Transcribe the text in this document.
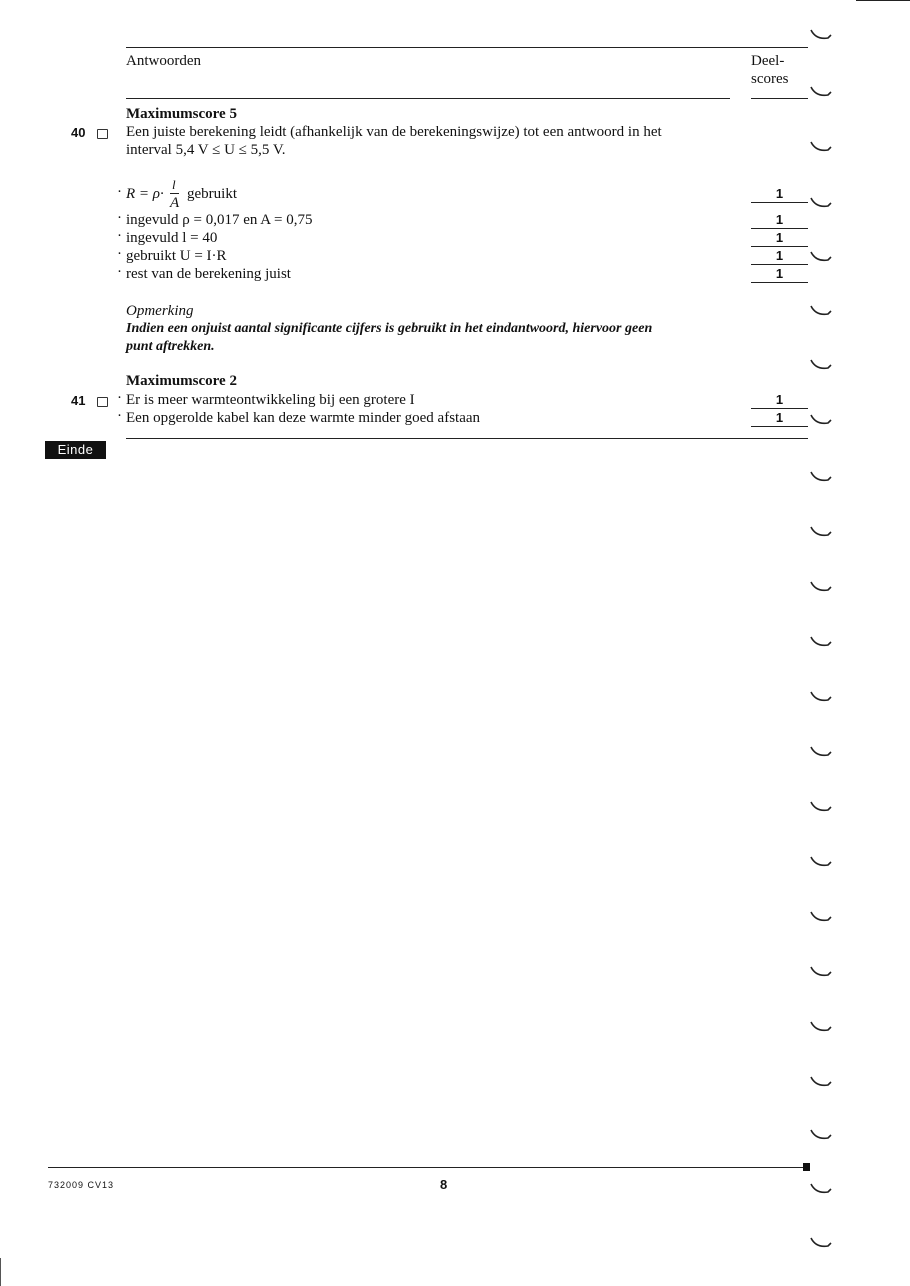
Antwoorden	Deel-
scores
Maximumscore 5
40	Een juiste berekening leidt (afhankelijk van de berekeningswijze) tot een antwoord in het
interval 5,4 V ≤ U ≤ 5,5 V.
· R = ρ·
l
A
gebruikt	1
· ingevuld ρ = 0,017 en A = 0,75	1
· ingevuld l = 40	1
· gebruikt U = I·R	1
· rest van de berekening juist	1
Opmerking
Indien een onjuist aantal significante cijfers is gebruikt in het eindantwoord, hiervoor geen
punt aftrekken.
Maximumscore 2
41 · Er is meer warmteontwikkeling bij een grotere I	1
· Een opgerolde kabel kan deze warmte minder goed afstaan	1
Einde
732009 CV13	8
